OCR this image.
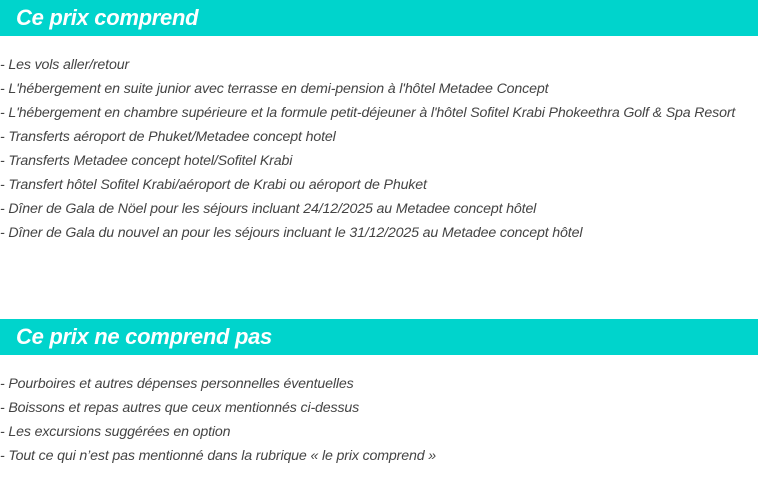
Ce prix comprend
- Les vols aller/retour
- L'hébergement en suite junior avec terrasse en demi-pension à l'hôtel Metadee Concept
- L'hébergement en chambre supérieure et la formule petit-déjeuner à l'hôtel Sofitel Krabi Phokeethra Golf & Spa Resort
- Transferts aéroport de Phuket/Metadee concept hotel
- Transferts Metadee concept hotel/Sofitel Krabi
- Transfert hôtel Sofitel Krabi/aéroport de Krabi ou aéroport de Phuket
- Dîner de Gala de Nöel pour les séjours incluant 24/12/2025 au Metadee concept hôtel
- Dîner de Gala du nouvel an pour les séjours incluant le 31/12/2025 au Metadee concept hôtel
Ce prix ne comprend pas
- Pourboires et autres dépenses personnelles éventuelles
- Boissons et repas autres que ceux mentionnés ci-dessus
- Les excursions suggérées en option
- Tout ce qui n’est pas mentionné dans la rubrique « le prix comprend »
